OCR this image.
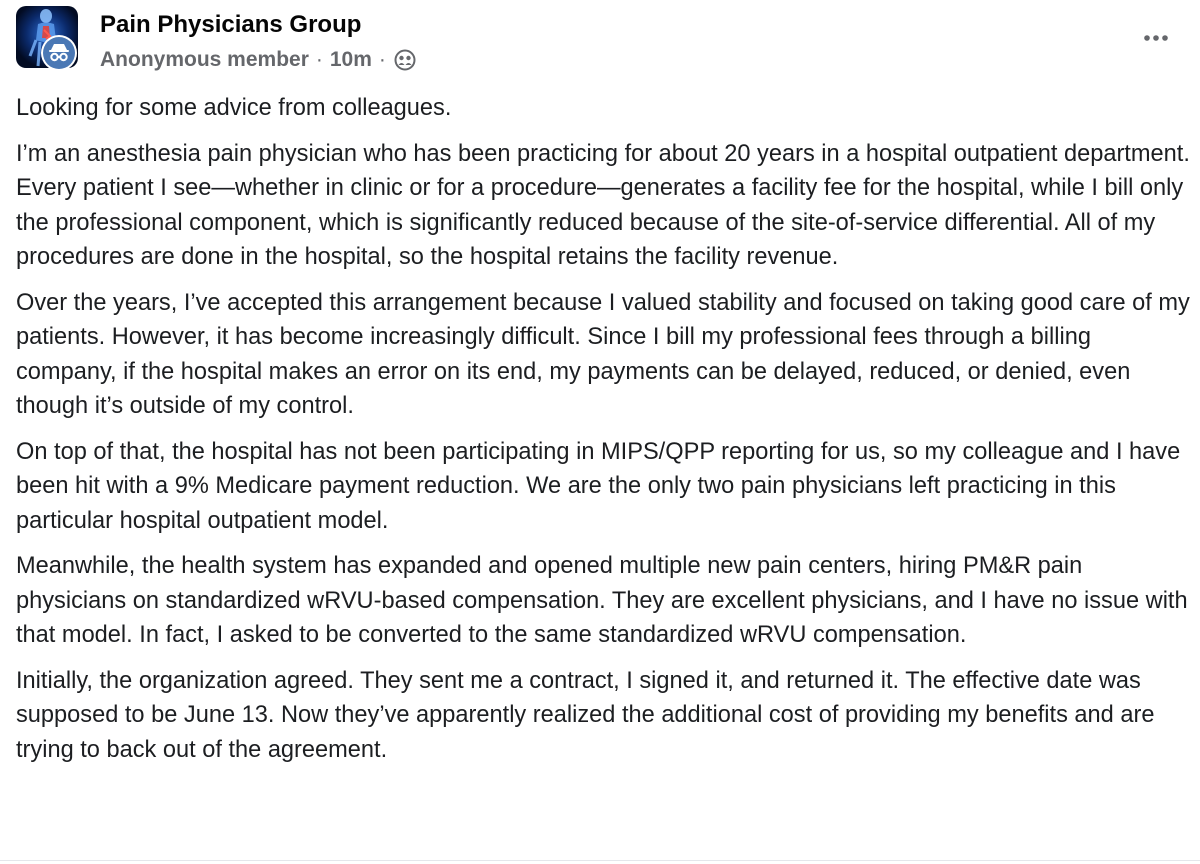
Pain Physicians Group
Anonymous member · 10m ·

Looking for some advice from colleagues.

I’m an anesthesia pain physician who has been practicing for about 20 years in a hospital outpatient department. Every patient I see—whether in clinic or for a procedure—generates a facility fee for the hospital, while I bill only the professional component, which is significantly reduced because of the site-of-service differential. All of my procedures are done in the hospital, so the hospital retains the facility revenue.

Over the years, I’ve accepted this arrangement because I valued stability and focused on taking good care of my patients. However, it has become increasingly difficult. Since I bill my professional fees through a billing company, if the hospital makes an error on its end, my payments can be delayed, reduced, or denied, even though it’s outside of my control.

On top of that, the hospital has not been participating in MIPS/QPP reporting for us, so my colleague and I have been hit with a 9% Medicare payment reduction. We are the only two pain physicians left practicing in this particular hospital outpatient model.

Meanwhile, the health system has expanded and opened multiple new pain centers, hiring PM&R pain physicians on standardized wRVU-based compensation. They are excellent physicians, and I have no issue with that model. In fact, I asked to be converted to the same standardized wRVU compensation.

Initially, the organization agreed. They sent me a contract, I signed it, and returned it. The effective date was supposed to be June 13. Now they’ve apparently realized the additional cost of providing my benefits and are trying to back out of the agreement.
